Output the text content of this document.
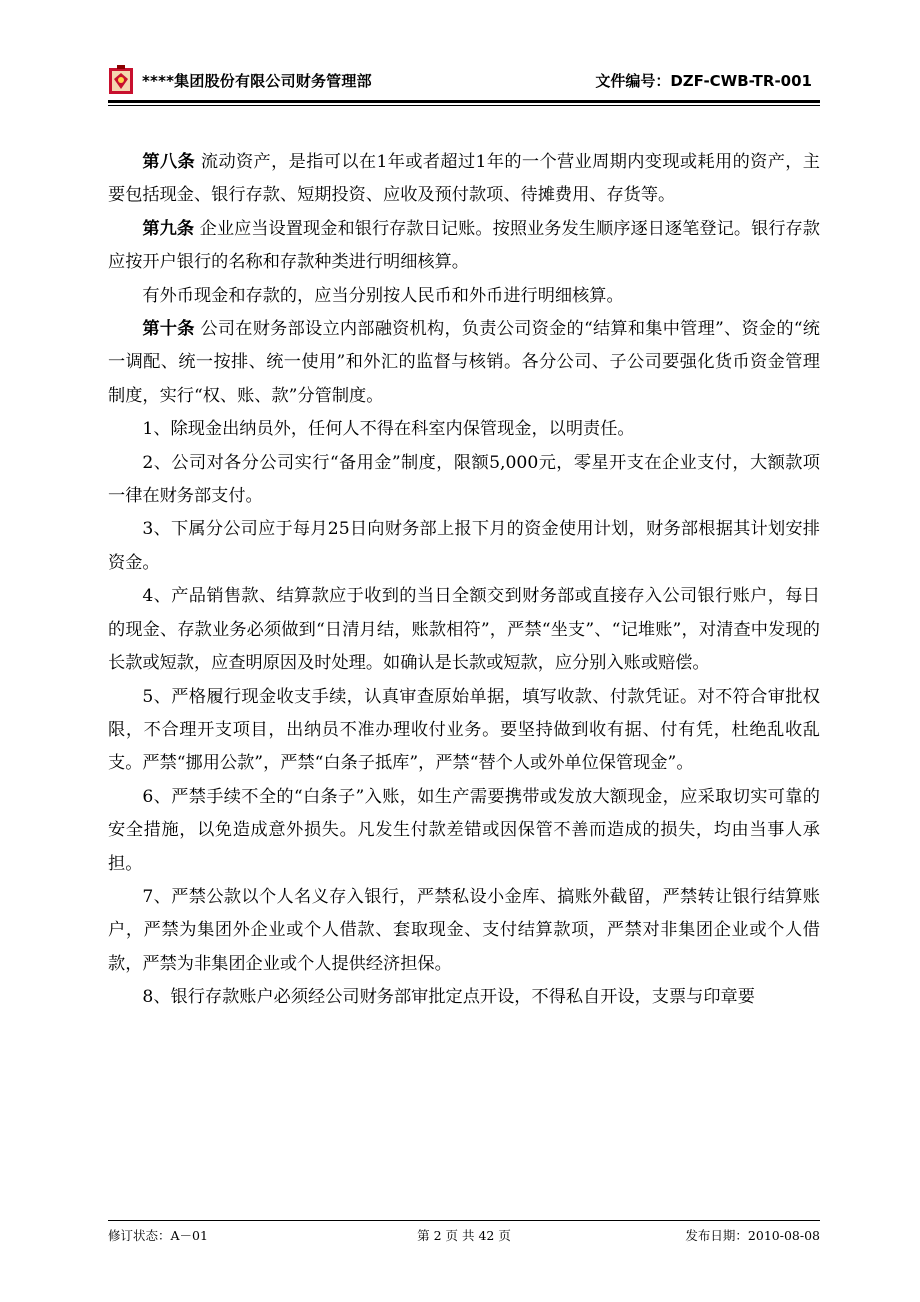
****集团股份有限公司财务管理部	文件编号：DZF-CWB-TR-001

第八条 流动资产，是指可以在1年或者超过1年的一个营业周期内变现或耗用的资产，主要包括现金、银行存款、短期投资、应收及预付款项、待摊费用、存货等。

第九条 企业应当设置现金和银行存款日记账。按照业务发生顺序逐日逐笔登记。银行存款应按开户银行的名称和存款种类进行明细核算。

有外币现金和存款的，应当分别按人民币和外币进行明细核算。

第十条 公司在财务部设立内部融资机构，负责公司资金的“结算和集中管理”、资金的“统一调配、统一按排、统一使用”和外汇的监督与核销。各分公司、子公司要强化货币资金管理制度，实行“权、账、款”分管制度。

1、除现金出纳员外，任何人不得在科室内保管现金，以明责任。

2、公司对各分公司实行“备用金”制度，限额5,000元，零星开支在企业支付，大额款项一律在财务部支付。

3、下属分公司应于每月25日向财务部上报下月的资金使用计划，财务部根据其计划安排资金。

4、产品销售款、结算款应于收到的当日全额交到财务部或直接存入公司银行账户，每日的现金、存款业务必须做到“日清月结，账款相符”，严禁“坐支”、“记堆账”，对清查中发现的长款或短款，应查明原因及时处理。如确认是长款或短款，应分别入账或赔偿。

5、严格履行现金收支手续，认真审查原始单据，填写收款、付款凭证。对不符合审批权限，不合理开支项目，出纳员不准办理收付业务。要坚持做到收有据、付有凭，杜绝乱收乱支。严禁“挪用公款”，严禁“白条子抵库”，严禁“替个人或外单位保管现金”。

6、严禁手续不全的“白条子”入账，如生产需要携带或发放大额现金，应采取切实可靠的安全措施，以免造成意外损失。凡发生付款差错或因保管不善而造成的损失，均由当事人承担。

7、严禁公款以个人名义存入银行，严禁私设小金库、搞账外截留，严禁转让银行结算账户，严禁为集团外企业或个人借款、套取现金、支付结算款项，严禁对非集团企业或个人借款，严禁为非集团企业或个人提供经济担保。

8、银行存款账户必须经公司财务部审批定点开设，不得私自开设，支票与印章要

修订状态：A－01	第 2 页 共 42 页	发布日期：2010-08-08
